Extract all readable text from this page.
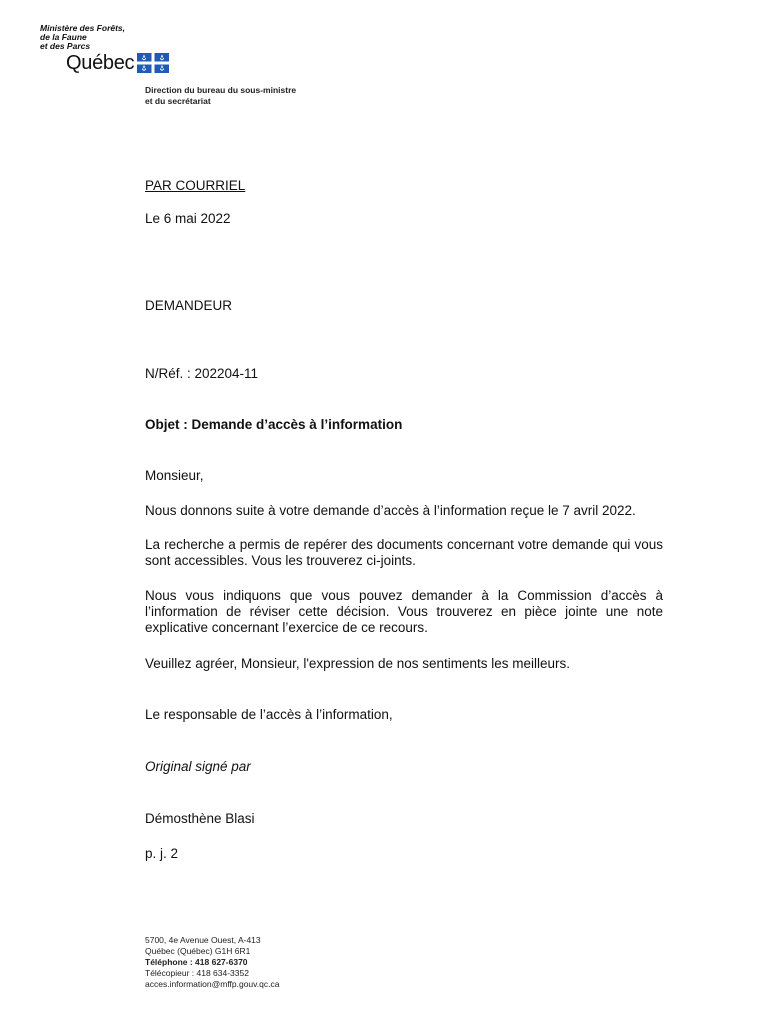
Ministère des Forêts,

de la Faune

et des Parcs

Québec
Direction du bureau du sous-ministre
et du secrétariat

PAR COURRIEL

Le 6 mai 2022

DEMANDEUR

N/Réf. : 202204-11

Objet : Demande d’accès à l’information

Monsieur,

Nous donnons suite à votre demande d’accès à l’information reçue le 7 avril 2022.

La recherche a permis de repérer des documents concernant votre demande qui vous sont accessibles. Vous les trouverez ci-joints.

Nous vous indiquons que vous pouvez demander à la Commission d’accès à l’information de réviser cette décision. Vous trouverez en pièce jointe une note explicative concernant l’exercice de ce recours.

Veuillez agréer, Monsieur, l'expression de nos sentiments les meilleurs.

Le responsable de l’accès à l’information,

Original signé par

Démosthène Blasi

p. j. 2

5700, 4e Avenue Ouest, A-413
Québec (Québec) G1H 6R1
Téléphone : 418 627-6370
Télécopieur : 418 634-3352
acces.information@mffp.gouv.qc.ca
